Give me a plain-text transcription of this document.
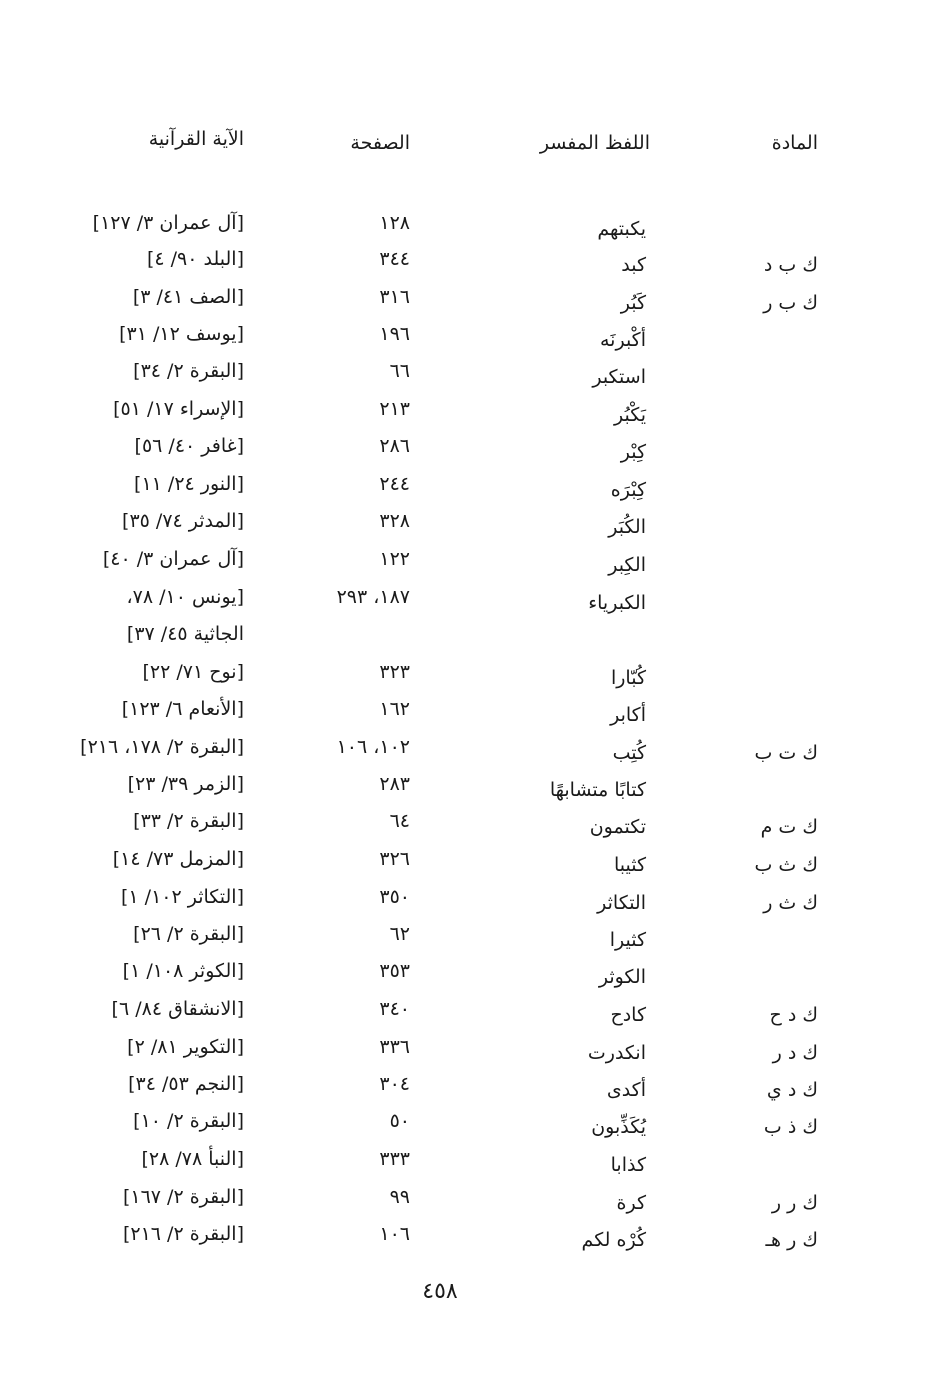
المادة
اللفظ المفسر
الصفحة
الآية القرآنية
يكبتهم
١٢٨
[آل عمران ٣/ ١٢٧]
ك ب د
كبد
٣٤٤
[البلد ٩٠/ ٤]
ك ب ر
كَبُر
٣١٦
[الصف ٤١/ ٣]
أكْبرنَه
١٩٦
[يوسف ١٢/ ٣١]
استكبر
٦٦
[البقرة ٢/ ٣٤]
يَكْبُر
٢١٣
[الإسراء ١٧/ ٥١]
كِبْر
٢٨٦
[غافر ٤٠/ ٥٦]
كِبْرَه
٢٤٤
[النور ٢٤/ ١١]
الكُبَر
٣٢٨
[المدثر ٧٤/ ٣٥]
الكِبر
١٢٢
[آل عمران ٣/ ٤٠]
الكبرياء
١٨٧، ٢٩٣
[يونس ١٠/ ٧٨،
الجاثية ٤٥/ ٣٧]
كُبّارا
٣٢٣
[نوح ٧١/ ٢٢]
أكابر
١٦٢
[الأنعام ٦/ ١٢٣]
ك ت ب
كُتِب
١٠٢، ١٠٦
[البقرة ٢/ ١٧٨، ٢١٦]
كتابًا متشابهًا
٢٨٣
[الزمر ٣٩/ ٢٣]
ك ت م
تكتمون
٦٤
[البقرة ٢/ ٣٣]
ك ث ب
كثيبا
٣٢٦
[المزمل ٧٣/ ١٤]
ك ث ر
التكاثر
٣٥٠
[التكاثر ١٠٢/ ١]
كثيرا
٦٢
[البقرة ٢/ ٢٦]
الكوثر
٣٥٣
[الكوثر ١٠٨/ ١]
ك د ح
كادح
٣٤٠
[الانشقاق ٨٤/ ٦]
ك د ر
انكدرت
٣٣٦
[التكوير ٨١/ ٢]
ك د ي
أكدى
٣٠٤
[النجم ٥٣/ ٣٤]
ك ذ ب
يُكَذِّبون
٥٠
[البقرة ٢/ ١٠]
كذابا
٣٣٣
[النبأ ٧٨/ ٢٨]
ك ر ر
كرة
٩٩
[البقرة ٢/ ١٦٧]
ك ر هـ
كُرْه لكم
١٠٦
[البقرة ٢/ ٢١٦]
٤٥٨
